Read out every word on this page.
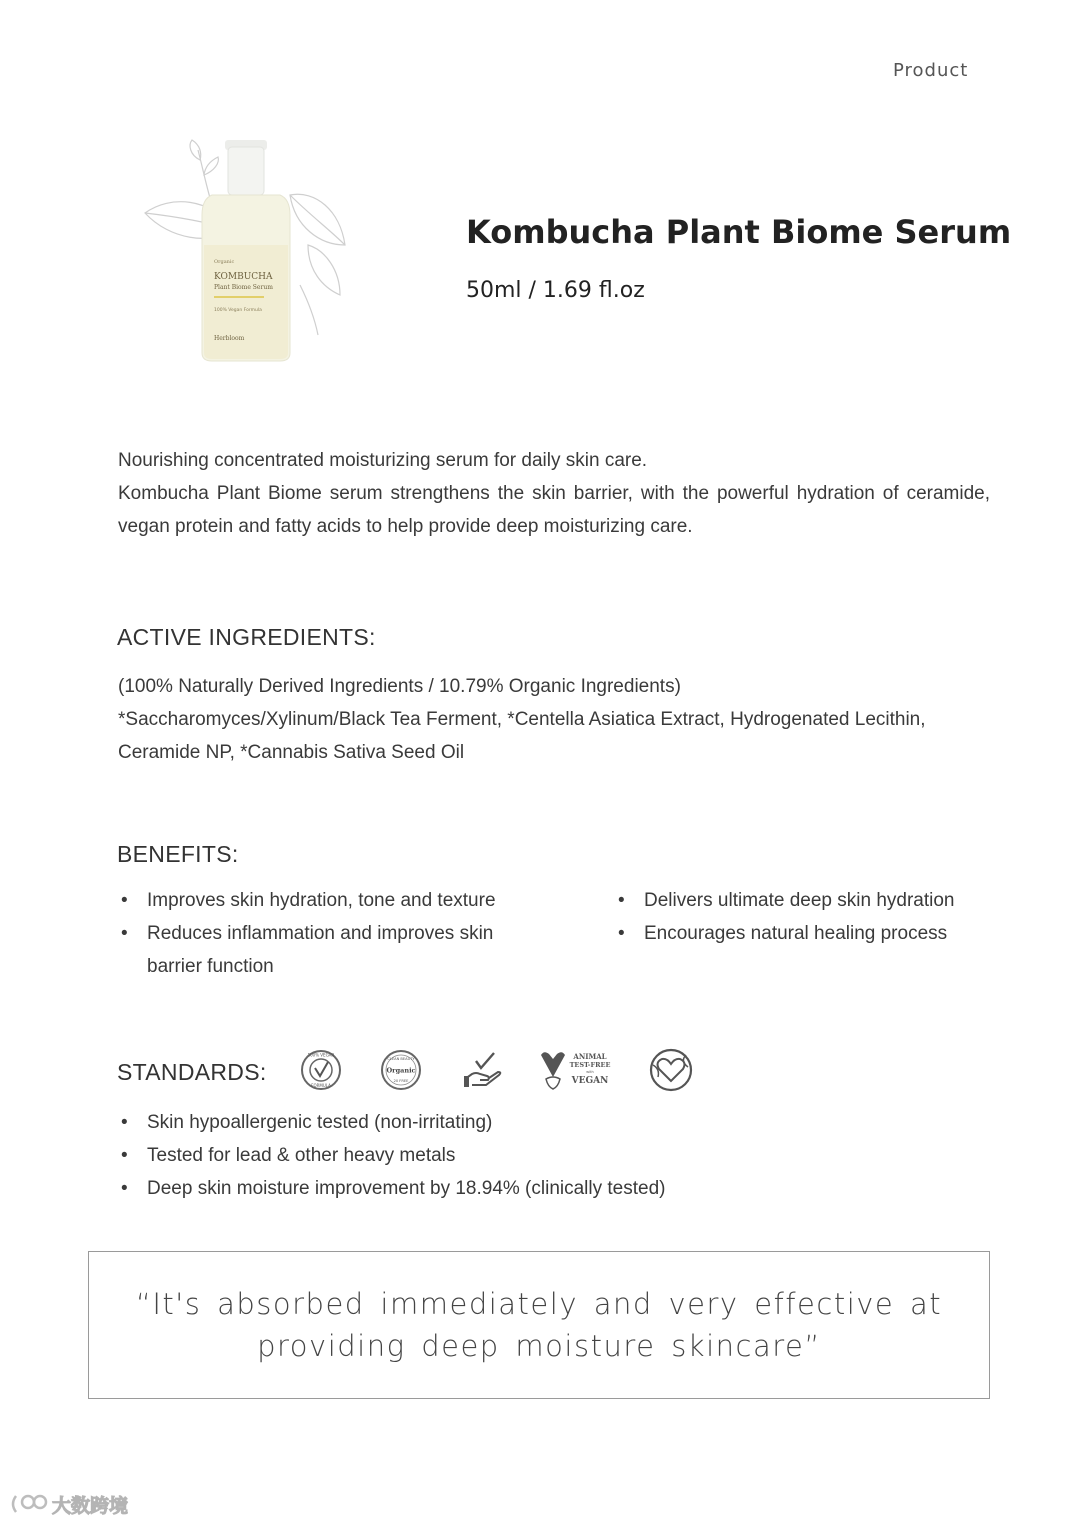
Product
Organic
KOMBUCHA
Plant Biome Serum
100% Vegan Formula
Herbloom
Kombucha Plant Biome Serum
50ml / 1.69 fl.oz
Nourishing concentrated moisturizing serum for daily skin care.
Kombucha Plant Biome serum strengthens the skin barrier, with the powerful hydration of ceramide, vegan protein and fatty acids to help provide deep moisturizing care.
ACTIVE INGREDIENTS:
(100% Naturally Derived Ingredients / 10.79% Organic Ingredients)
*Saccharomyces/Xylinum/Black Tea Ferment, *Centella Asiatica Extract, Hydrogenated Lecithin, Ceramide NP, *Cannabis Sativa Seed Oil
BENEFITS:
•	Improves skin hydration, tone and texture
•	Reduces inflammation and improves skin barrier function
•	Delivers ultimate deep skin hydration
•	Encourages natural healing process
STANDARDS:
100% VEGAN
FORMULA
CLEAN BEAUTY
Organic
20 FREE
ANIMAL
TEST-FREE
with
VEGAN
•	Skin hypoallergenic tested (non-irritating)
•	Tested for lead & other heavy metals
•	Deep skin moisture improvement by 18.94% (clinically tested)
“It's absorbed immediately and very effective at
providing deep moisture skincare”
大数跨境
